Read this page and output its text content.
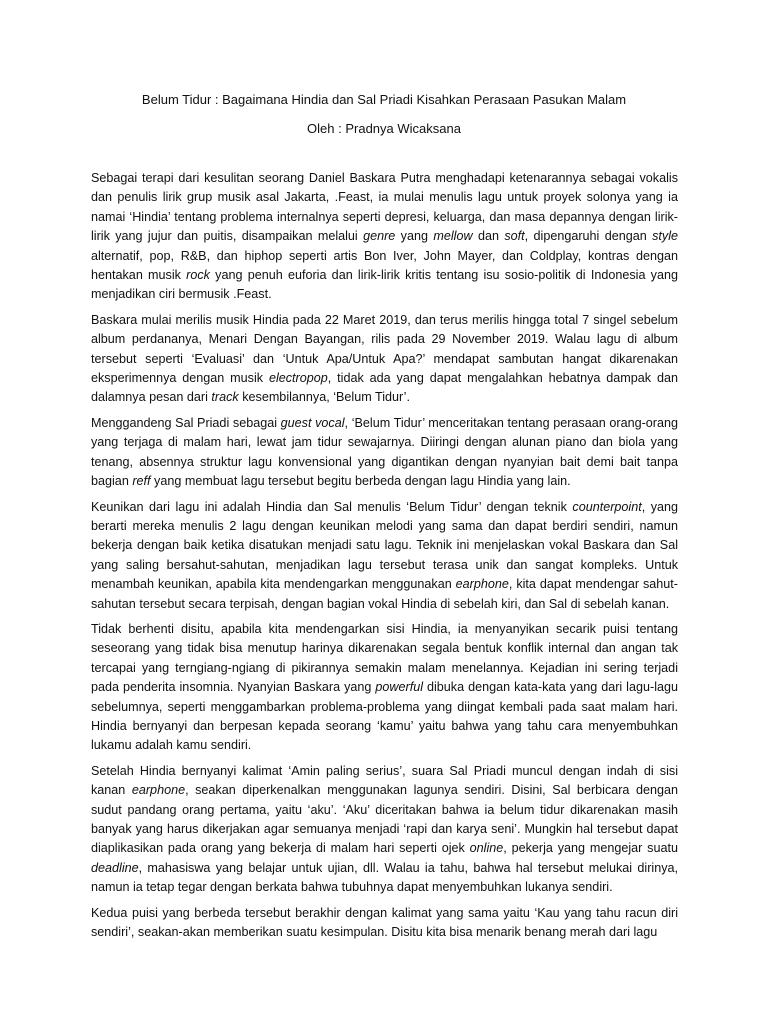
Belum Tidur : Bagaimana Hindia dan Sal Priadi Kisahkan Perasaan Pasukan Malam

Oleh : Pradnya Wicaksana

Sebagai terapi dari kesulitan seorang Daniel Baskara Putra menghadapi ketenarannya sebagai vokalis dan penulis lirik grup musik asal Jakarta, .Feast, ia mulai menulis lagu untuk proyek solonya yang ia namai ‘Hindia’ tentang problema internalnya seperti depresi, keluarga, dan masa depannya dengan lirik-lirik yang jujur dan puitis, disampaikan melalui genre yang mellow dan soft, dipengaruhi dengan style alternatif, pop, R&B, dan hiphop seperti artis Bon Iver, John Mayer, dan Coldplay, kontras dengan hentakan musik rock yang penuh euforia dan lirik-lirik kritis tentang isu sosio-politik di Indonesia yang menjadikan ciri bermusik .Feast.

Baskara mulai merilis musik Hindia pada 22 Maret 2019, dan terus merilis hingga total 7 singel sebelum album perdananya, Menari Dengan Bayangan, rilis pada 29 November 2019. Walau lagu di album tersebut seperti ‘Evaluasi’ dan ‘Untuk Apa/Untuk Apa?’ mendapat sambutan hangat dikarenakan eksperimennya dengan musik electropop, tidak ada yang dapat mengalahkan hebatnya dampak dan dalamnya pesan dari track kesembilannya, ‘Belum Tidur’.

Menggandeng Sal Priadi sebagai guest vocal, ‘Belum Tidur’ menceritakan tentang perasaan orang-orang yang terjaga di malam hari, lewat jam tidur sewajarnya. Diiringi dengan alunan piano dan biola yang tenang, absennya struktur lagu konvensional yang digantikan dengan nyanyian bait demi bait tanpa bagian reff yang membuat lagu tersebut begitu berbeda dengan lagu Hindia yang lain.

Keunikan dari lagu ini adalah Hindia dan Sal menulis ‘Belum Tidur’ dengan teknik counterpoint, yang berarti mereka menulis 2 lagu dengan keunikan melodi yang sama dan dapat berdiri sendiri, namun bekerja dengan baik ketika disatukan menjadi satu lagu. Teknik ini menjelaskan vokal Baskara dan Sal yang saling bersahut-sahutan, menjadikan lagu tersebut terasa unik dan sangat kompleks. Untuk menambah keunikan, apabila kita mendengarkan menggunakan earphone, kita dapat mendengar sahut-sahutan tersebut secara terpisah, dengan bagian vokal Hindia di sebelah kiri, dan Sal di sebelah kanan.

Tidak berhenti disitu, apabila kita mendengarkan sisi Hindia, ia menyanyikan secarik puisi tentang seseorang yang tidak bisa menutup harinya dikarenakan segala bentuk konflik internal dan angan tak tercapai yang terngiang-ngiang di pikirannya semakin malam menelannya. Kejadian ini sering terjadi pada penderita insomnia. Nyanyian Baskara yang powerful dibuka dengan kata-kata yang dari lagu-lagu sebelumnya, seperti menggambarkan problema-problema yang diingat kembali pada saat malam hari. Hindia bernyanyi dan berpesan kepada seorang ‘kamu’ yaitu bahwa yang tahu cara menyembuhkan lukamu adalah kamu sendiri.

Setelah Hindia bernyanyi kalimat ‘Amin paling serius’, suara Sal Priadi muncul dengan indah di sisi kanan earphone, seakan diperkenalkan menggunakan lagunya sendiri. Disini, Sal berbicara dengan sudut pandang orang pertama, yaitu ‘aku’. ‘Aku’ diceritakan bahwa ia belum tidur dikarenakan masih banyak yang harus dikerjakan agar semuanya menjadi ‘rapi dan karya seni’. Mungkin hal tersebut dapat diaplikasikan pada orang yang bekerja di malam hari seperti ojek online, pekerja yang mengejar suatu deadline, mahasiswa yang belajar untuk ujian, dll. Walau ia tahu, bahwa hal tersebut melukai dirinya, namun ia tetap tegar dengan berkata bahwa tubuhnya dapat menyembuhkan lukanya sendiri.

Kedua puisi yang berbeda tersebut berakhir dengan kalimat yang sama yaitu ‘Kau yang tahu racun diri sendiri’, seakan-akan memberikan suatu kesimpulan. Disitu kita bisa menarik benang merah dari lagu
